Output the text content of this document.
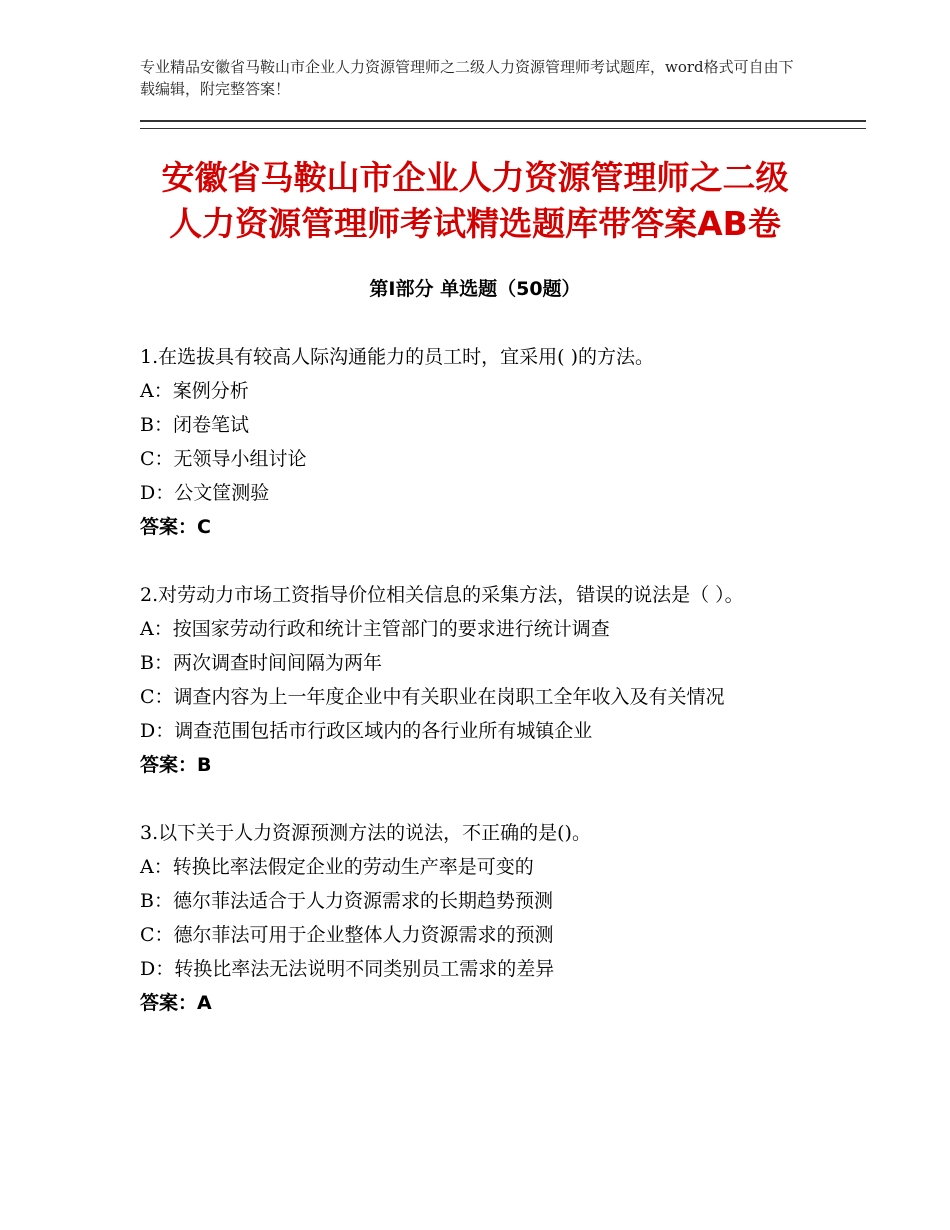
专业精品安徽省马鞍山市企业人力资源管理师之二级人力资源管理师考试题库，word格式可自由下载编辑，附完整答案！
安徽省马鞍山市企业人力资源管理师之二级
人力资源管理师考试精选题库带答案AB卷
第Ⅰ部分 单选题（50题）

1.在选拔具有较高人际沟通能力的员工时，宜采用( )的方法。

A：案例分析

B：闭卷笔试

C：无领导小组讨论

D：公文筐测验

答案：C

2.对劳动力市场工资指导价位相关信息的采集方法，错误的说法是（ ）。

A：按国家劳动行政和统计主管部门的要求进行统计调查

B：两次调查时间间隔为两年

C：调查内容为上一年度企业中有关职业在岗职工全年收入及有关情况

D：调查范围包括市行政区域内的各行业所有城镇企业

答案：B

3.以下关于人力资源预测方法的说法，不正确的是()。

A：转换比率法假定企业的劳动生产率是可变的

B：德尔菲法适合于人力资源需求的长期趋势预测

C：德尔菲法可用于企业整体人力资源需求的预测

D：转换比率法无法说明不同类别员工需求的差异

答案：A
